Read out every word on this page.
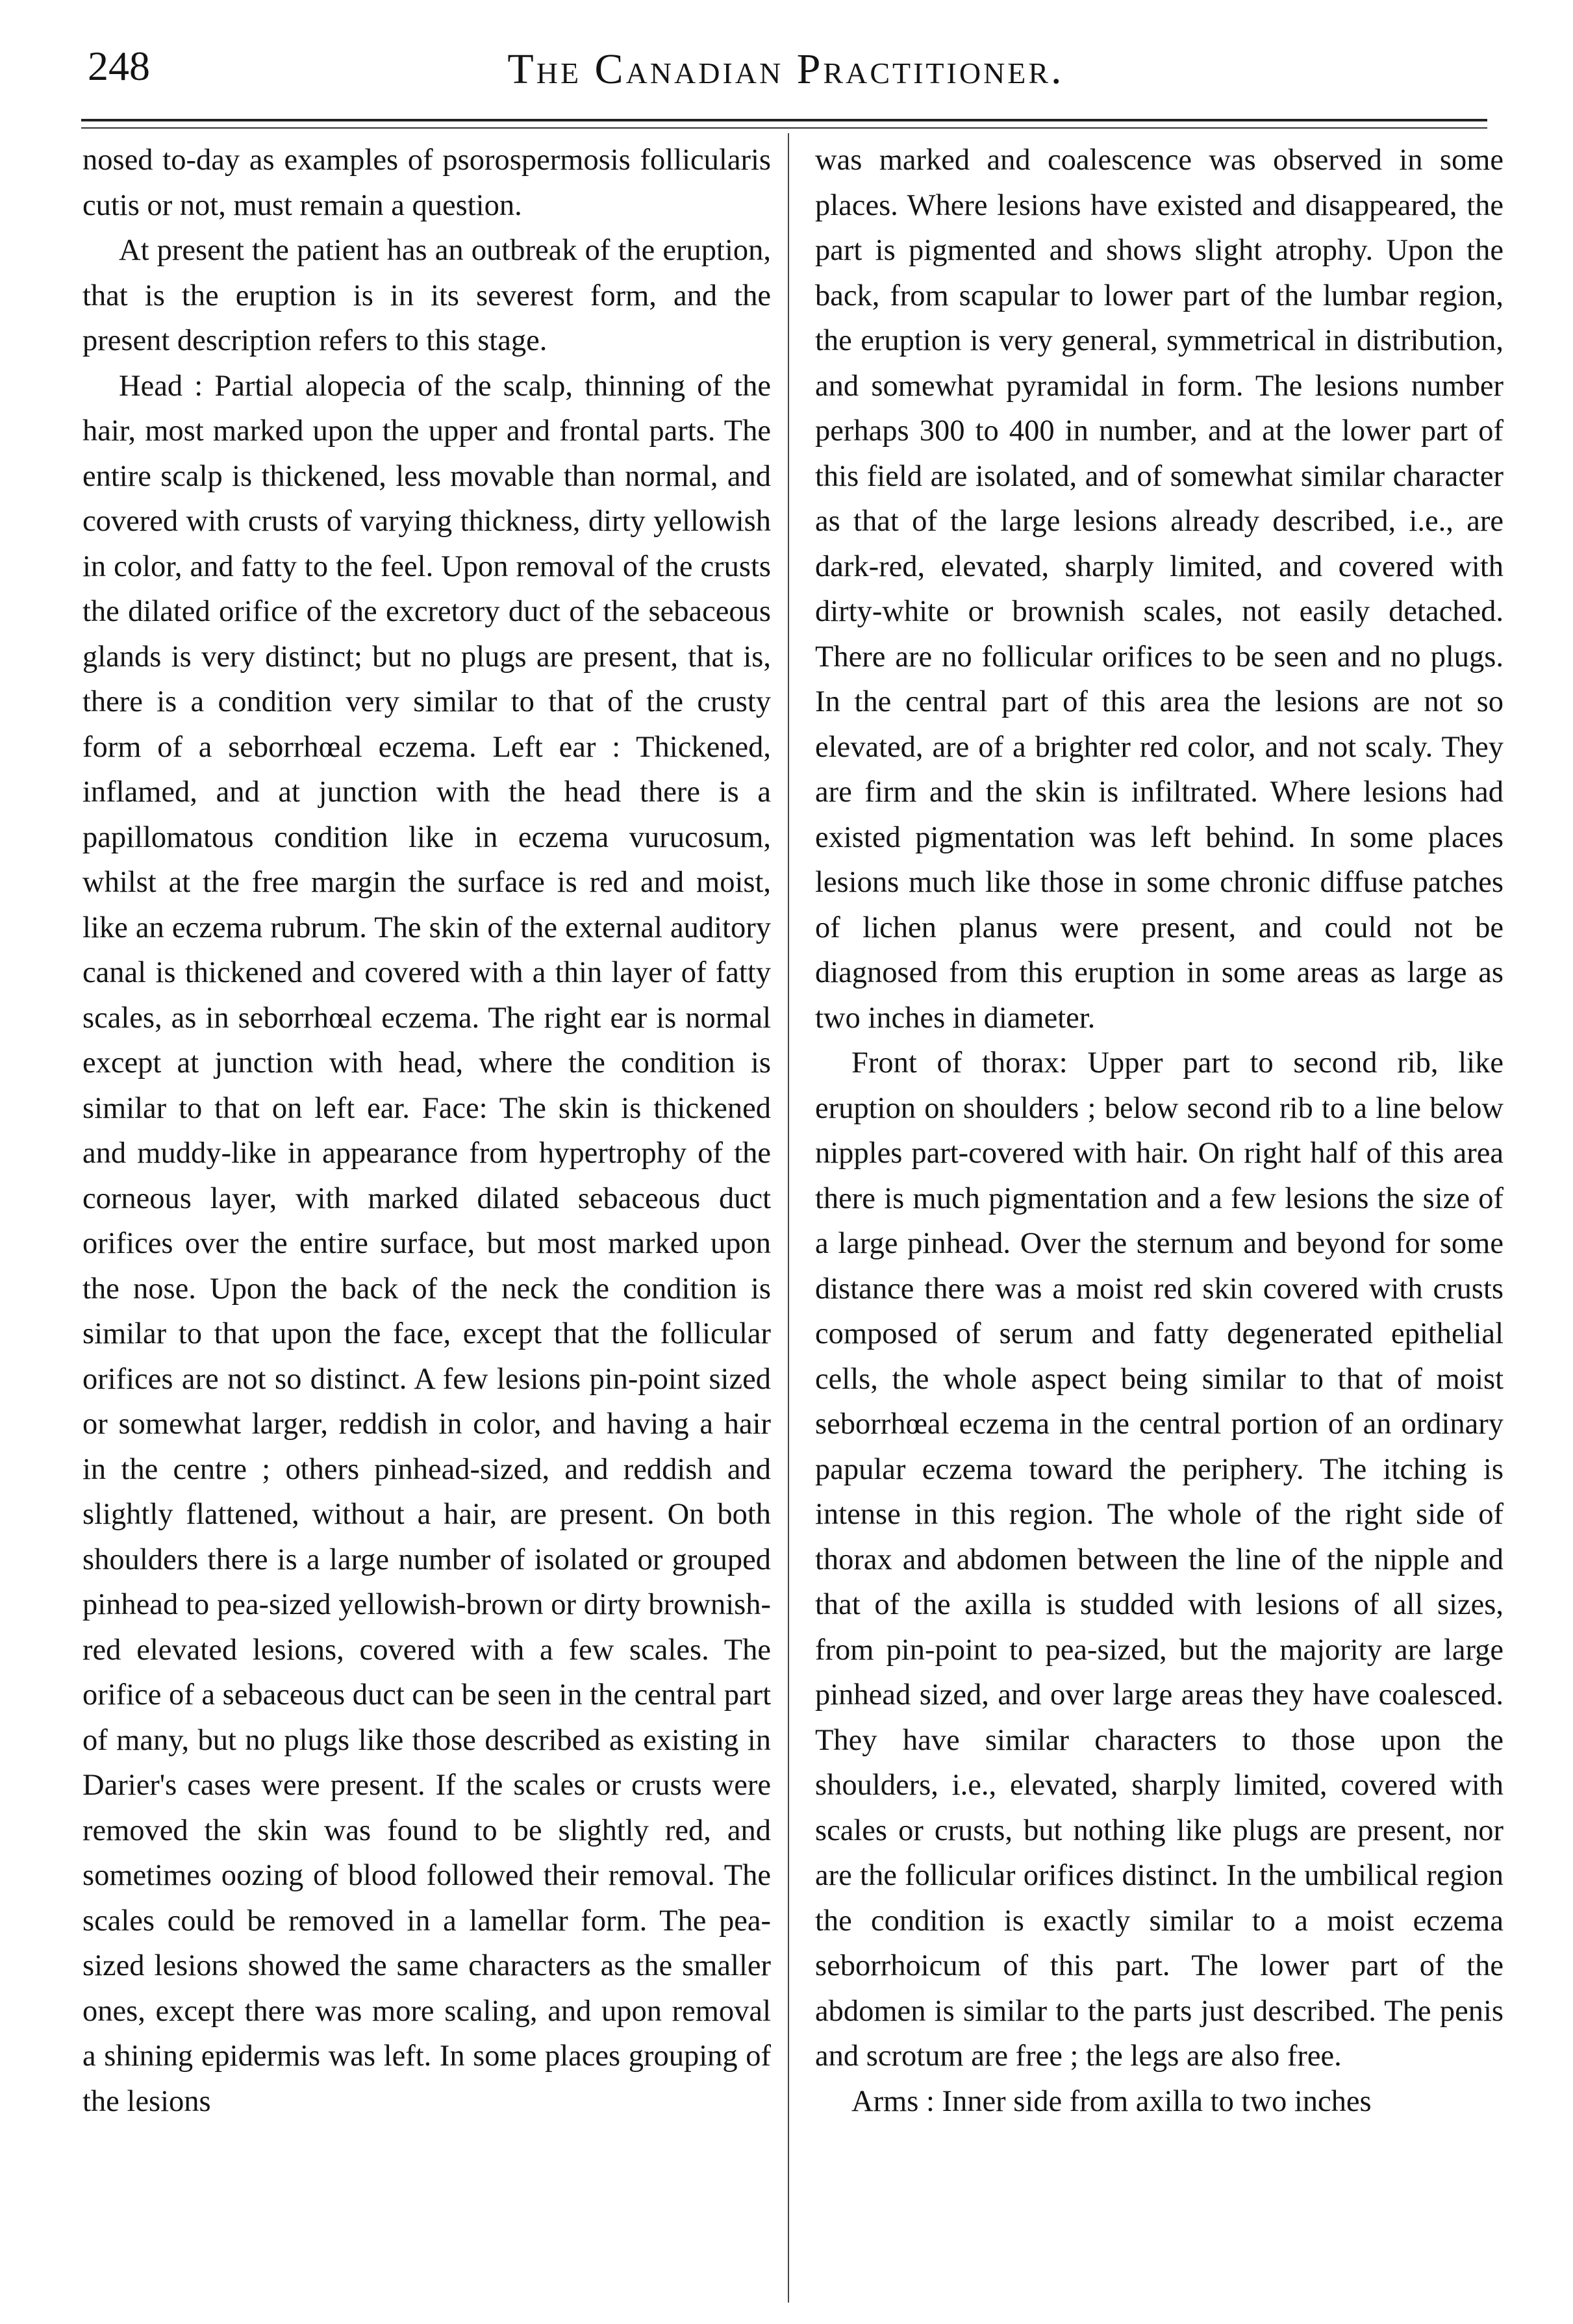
248	The Canadian Practitioner.

nosed to-day as examples of psorospermosis follicularis cutis or not, must remain a question.

At present the patient has an outbreak of the eruption, that is the eruption is in its severest form, and the present description refers to this stage.

Head : Partial alopecia of the scalp, thinning of the hair, most marked upon the upper and frontal parts. The entire scalp is thickened, less movable than normal, and covered with crusts of varying thickness, dirty yellowish in color, and fatty to the feel. Upon removal of the crusts the dilated orifice of the excretory duct of the sebaceous glands is very distinct; but no plugs are present, that is, there is a condition very similar to that of the crusty form of a seborrhœal eczema. Left ear : Thickened, inflamed, and at junction with the head there is a papillomatous condition like in eczema vurucosum, whilst at the free margin the surface is red and moist, like an eczema rubrum. The skin of the external auditory canal is thickened and covered with a thin layer of fatty scales, as in seborrhœal eczema. The right ear is normal except at junction with head, where the condition is similar to that on left ear. Face: The skin is thickened and muddy-like in appearance from hypertrophy of the corneous layer, with marked dilated sebaceous duct orifices over the entire surface, but most marked upon the nose. Upon the back of the neck the condition is similar to that upon the face, except that the follicular orifices are not so distinct. A few lesions pin-point sized or somewhat larger, reddish in color, and having a hair in the centre ; others pinhead-sized, and reddish and slightly flattened, without a hair, are present. On both shoulders there is a large number of isolated or grouped pinhead to pea-sized yellowish-brown or dirty brownish-red elevated lesions, covered with a few scales. The orifice of a sebaceous duct can be seen in the central part of many, but no plugs like those described as existing in Darier's cases were present. If the scales or crusts were removed the skin was found to be slightly red, and sometimes oozing of blood followed their removal. The scales could be removed in a lamellar form. The pea-sized lesions showed the same characters as the smaller ones, except there was more scaling, and upon removal a shining epidermis was left. In some places grouping of the lesions

was marked and coalescence was observed in some places. Where lesions have existed and disappeared, the part is pigmented and shows slight atrophy. Upon the back, from scapular to lower part of the lumbar region, the eruption is very general, symmetrical in distribution, and somewhat pyramidal in form. The lesions number perhaps 300 to 400 in number, and at the lower part of this field are isolated, and of somewhat similar character as that of the large lesions already described, i.e., are dark-red, elevated, sharply limited, and covered with dirty-white or brownish scales, not easily detached. There are no follicular orifices to be seen and no plugs. In the central part of this area the lesions are not so elevated, are of a brighter red color, and not scaly. They are firm and the skin is infiltrated. Where lesions had existed pigmentation was left behind. In some places lesions much like those in some chronic diffuse patches of lichen planus were present, and could not be diagnosed from this eruption in some areas as large as two inches in diameter.

Front of thorax: Upper part to second rib, like eruption on shoulders ; below second rib to a line below nipples part-covered with hair. On right half of this area there is much pigmentation and a few lesions the size of a large pinhead. Over the sternum and beyond for some distance there was a moist red skin covered with crusts composed of serum and fatty degenerated epithelial cells, the whole aspect being similar to that of moist seborrhœal eczema in the central portion of an ordinary papular eczema toward the periphery. The itching is intense in this region. The whole of the right side of thorax and abdomen between the line of the nipple and that of the axilla is studded with lesions of all sizes, from pin-point to pea-sized, but the majority are large pinhead sized, and over large areas they have coalesced. They have similar characters to those upon the shoulders, i.e., elevated, sharply limited, covered with scales or crusts, but nothing like plugs are present, nor are the follicular orifices distinct. In the umbilical region the condition is exactly similar to a moist eczema seborrhoicum of this part. The lower part of the abdomen is similar to the parts just described. The penis and scrotum are free ; the legs are also free.

Arms : Inner side from axilla to two inches
